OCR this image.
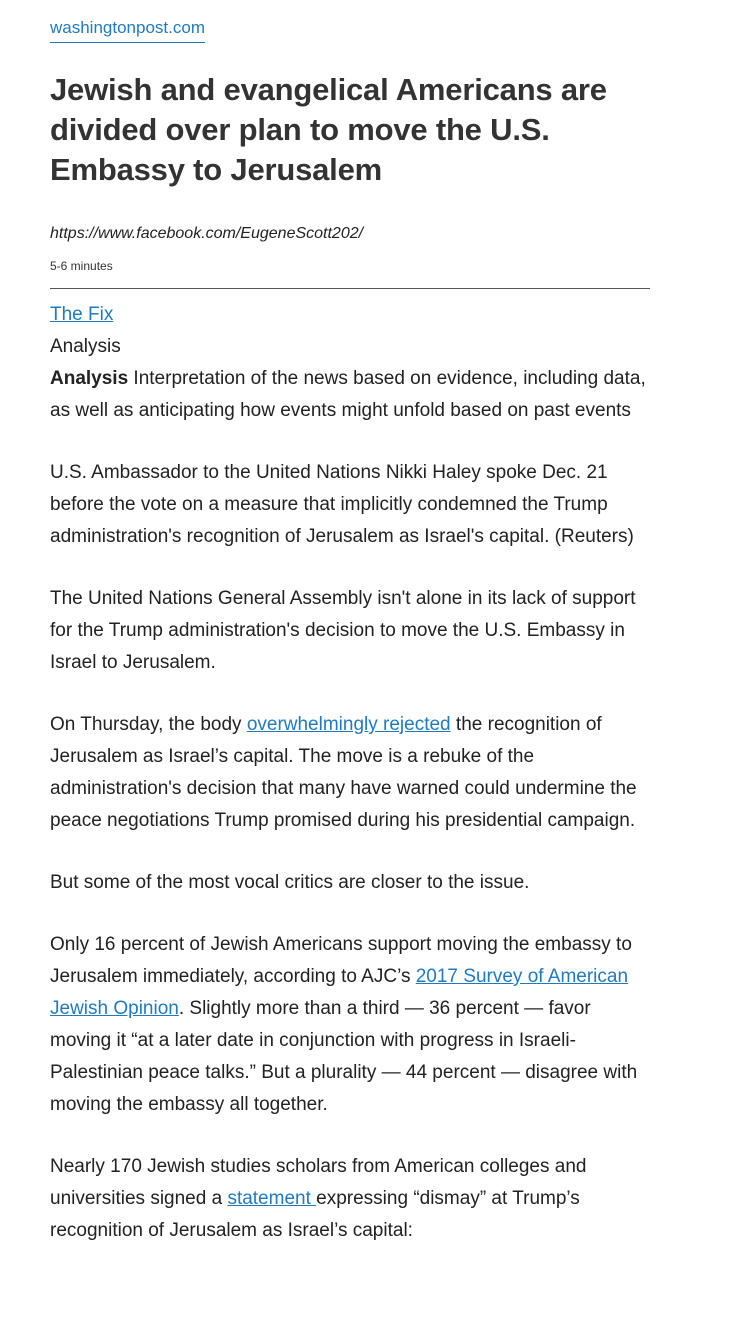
washingtonpost.com
Jewish and evangelical Americans are divided over plan to move the U.S. Embassy to Jerusalem
https://www.facebook.com/EugeneScott202/
5-6 minutes
The Fix
Analysis

Analysis Interpretation of the news based on evidence, including data, as well as anticipating how events might unfold based on past events

U.S. Ambassador to the United Nations Nikki Haley spoke Dec. 21 before the vote on a measure that implicitly condemned the Trump administration's recognition of Jerusalem as Israel's capital. (Reuters)

The United Nations General Assembly isn't alone in its lack of support for the Trump administration's decision to move the U.S. Embassy in Israel to Jerusalem.

On Thursday, the body overwhelmingly rejected the recognition of Jerusalem as Israel’s capital. The move is a rebuke of the administration's decision that many have warned could undermine the peace negotiations Trump promised during his presidential campaign.

But some of the most vocal critics are closer to the issue.

Only 16 percent of Jewish Americans support moving the embassy to Jerusalem immediately, according to AJC’s 2017 Survey of American Jewish Opinion. Slightly more than a third — 36 percent — favor moving it “at a later date in conjunction with progress in Israeli-Palestinian peace talks.” But a plurality — 44 percent — disagree with moving the embassy all together.

Nearly 170 Jewish studies scholars from American colleges and universities signed a statement expressing “dismay” at Trump’s recognition of Jerusalem as Israel’s capital:
